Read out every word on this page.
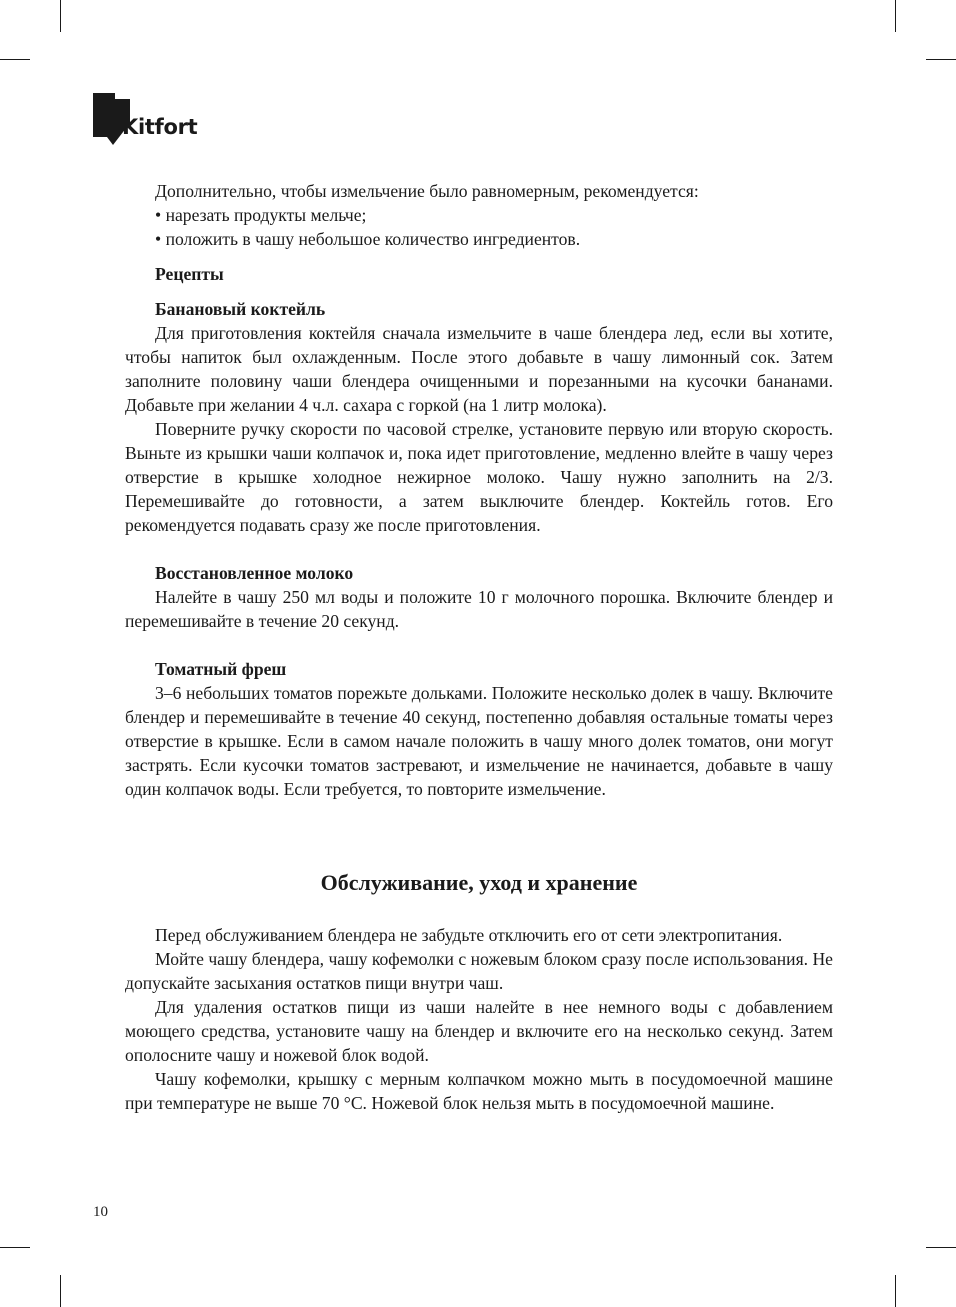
Kitfort

Дополнительно, чтобы измельчение было равномерным, рекомендуется:

• нарезать продукты мельче;

• положить в чашу небольшое количество ингредиентов.

Рецепты

Банановый коктейль

Для приготовления коктейля сначала измельчите в чаше блендера лед, если вы хотите, чтобы напиток был охлажденным. После этого добавьте в чашу лимонный сок. Затем заполните половину чаши блендера очищенными и порезанными на кусочки бананами. Добавьте при желании 4 ч.л. сахара с горкой (на 1 литр молока).

Поверните ручку скорости по часовой стрелке, установите первую или вторую скорость. Выньте из крышки чаши колпачок и, пока идет приготовление, медленно влейте в чашу через отверстие в крышке холодное нежирное молоко. Чашу нужно заполнить на 2/3. Перемешивайте до готовности, а затем выключите блендер. Коктейль готов. Его рекомендуется подавать сразу же после приготовления.

Восстановленное молоко

Налейте в чашу 250 мл воды и положите 10 г молочного порошка. Включите блендер и перемешивайте в течение 20 секунд.

Томатный фреш

3–6 небольших томатов порежьте дольками. Положите несколько долек в чашу. Включите блендер и перемешивайте в течение 40 секунд, постепенно добавляя остальные томаты через отверстие в крышке. Если в самом начале положить в чашу много долек томатов, они могут застрять. Если кусочки томатов застревают, и измельчение не начинается, добавьте в чашу один колпачок воды. Если требуется, то повторите измельчение.

Обслуживание, уход и хранение

Перед обслуживанием блендера не забудьте отключить его от сети электропитания.

Мойте чашу блендера, чашу кофемолки с ножевым блоком сразу после использования. Не допускайте засыхания остатков пищи внутри чаш.

Для удаления остатков пищи из чаши налейте в нее немного воды с добавлением моющего средства, установите чашу на блендер и включите его на несколько секунд. Затем ополосните чашу и ножевой блок водой.

Чашу кофемолки, крышку с мерным колпачком можно мыть в посудомоечной машине при температуре не выше 70 °C. Ножевой блок нельзя мыть в посудомоечной машине.

10
